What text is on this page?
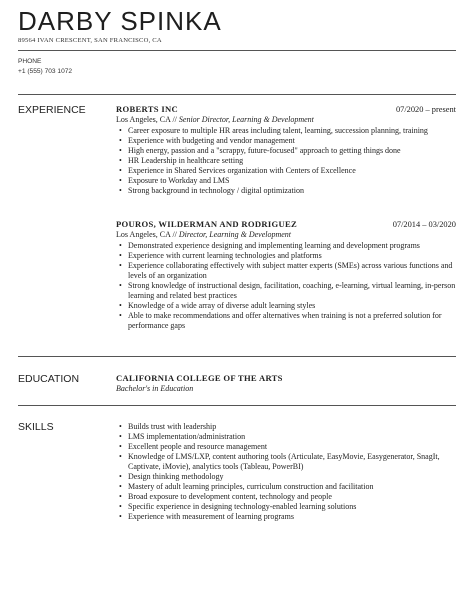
DARBY SPINKA
89564 IVAN CRESCENT, SAN FRANCISCO, CA
PHONE
+1 (555) 703 1072
EXPERIENCE	ROBERTS INC	07/2020 – present
Los Angeles, CA // Senior Director, Learning & Development
• Career exposure to multiple HR areas including talent, learning, succession planning, training
• Experience with budgeting and vendor management
• High energy, passion and a "scrappy, future-focused" approach to getting things done
• HR Leadership in healthcare setting
• Experience in Shared Services organization with Centers of Excellence
• Exposure to Workday and LMS
• Strong background in technology / digital optimization
POUROS, WILDERMAN AND RODRIGUEZ	07/2014 – 03/2020
Los Angeles, CA // Director, Learning & Development
• Demonstrated experience designing and implementing learning and development programs
• Experience with current learning technologies and platforms
• Experience collaborating effectively with subject matter experts (SMEs) across various functions and levels of an organization
• Strong knowledge of instructional design, facilitation, coaching, e-learning, virtual learning, in-person learning and related best practices
• Knowledge of a wide array of diverse adult learning styles
• Able to make recommendations and offer alternatives when training is not a preferred solution for performance gaps
EDUCATION	CALIFORNIA COLLEGE OF THE ARTS
Bachelor's in Education
SKILLS
•	Builds trust with leadership
• LMS implementation/administration
• Excellent people and resource management
• Knowledge of LMS/LXP, content authoring tools (Articulate, EasyMovie, Easygenerator, SnagIt, Captivate, iMovie), analytics tools (Tableau, PowerBI)
• Design thinking methodology
• Mastery of adult learning principles, curriculum construction and facilitation
• Broad exposure to development content, technology and people
• Specific experience in designing technology-enabled learning solutions
• Experience with measurement of learning programs
